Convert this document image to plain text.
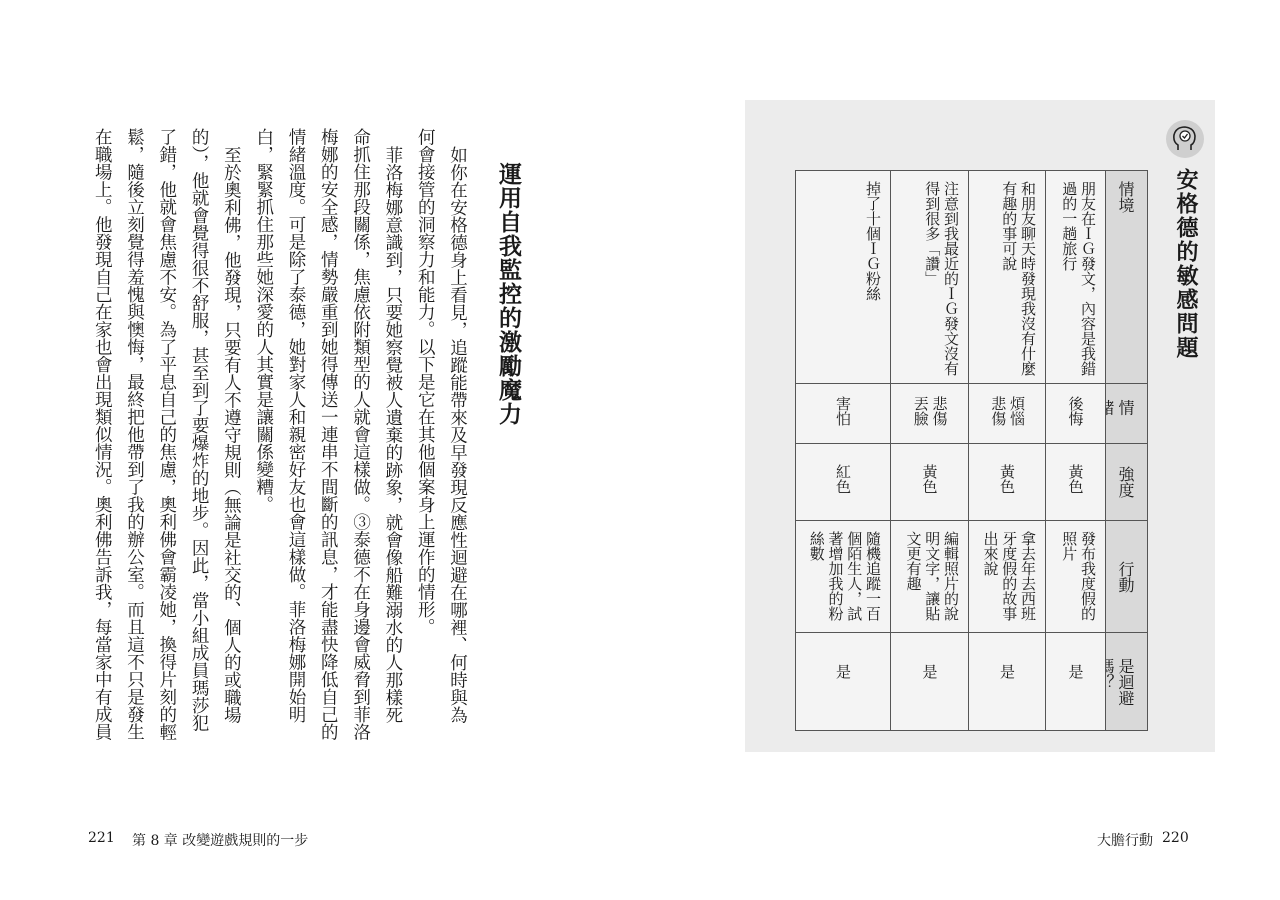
運用自我監控的激勵魔力
如你在安格德身上看見，追蹤能帶來及早發現反應性迴避在哪裡、何時與為
何會接管的洞察力和能力。以下是它在其他個案身上運作的情形。
菲洛梅娜意識到，只要她察覺被人遺棄的跡象，就會像船難溺水的人那樣死
命抓住那段關係，焦慮依附類型的人就會這樣做。③泰德不在身邊會威脅到菲洛
梅娜的安全感，情勢嚴重到她得傳送一連串不間斷的訊息，才能盡快降低自己的
情緒溫度。可是除了泰德，她對家人和親密好友也會這樣做。菲洛梅娜開始明
白，緊緊抓住那些她深愛的人其實是讓關係變糟。
至於奧利佛，他發現，只要有人不遵守規則（無論是社交的、個人的或職場
的），他就會覺得很不舒服，甚至到了要爆炸的地步。因此，當小組成員瑪莎犯
了錯，他就會焦慮不安。為了平息自己的焦慮，奧利佛會霸凌她，換得片刻的輕
鬆，隨後立刻覺得羞愧與懊悔，最終把他帶到了我的辦公室。而且這不只是發生
在職場上。他發現自己在家也會出現類似情況。奧利佛告訴我，每當家中有成員
221 第 8 章 改變遊戲規則的一步
安格德的敏感問題
情境
情
強度
行動
是迴避
朋友在ＩＧ發文，內容是我錯過的一趟旅行
後悔
黃色
發布我度假的照片
是
和朋友聊天時發現我沒有什麼有趣的事可說
煩惱悲傷
黃色
拿去年去西班牙度假的故事出來說
是
注意到我最近的ＩＧ發文沒有得到很多「讚」
悲傷丟臉
黃色
編輯照片的說明文字，讓貼文更有趣
是
掉了十個ＩＧ粉絲
害怕
紅色
隨機追蹤一百個陌生人，試著增加我的粉絲數
是
大膽行動 220
